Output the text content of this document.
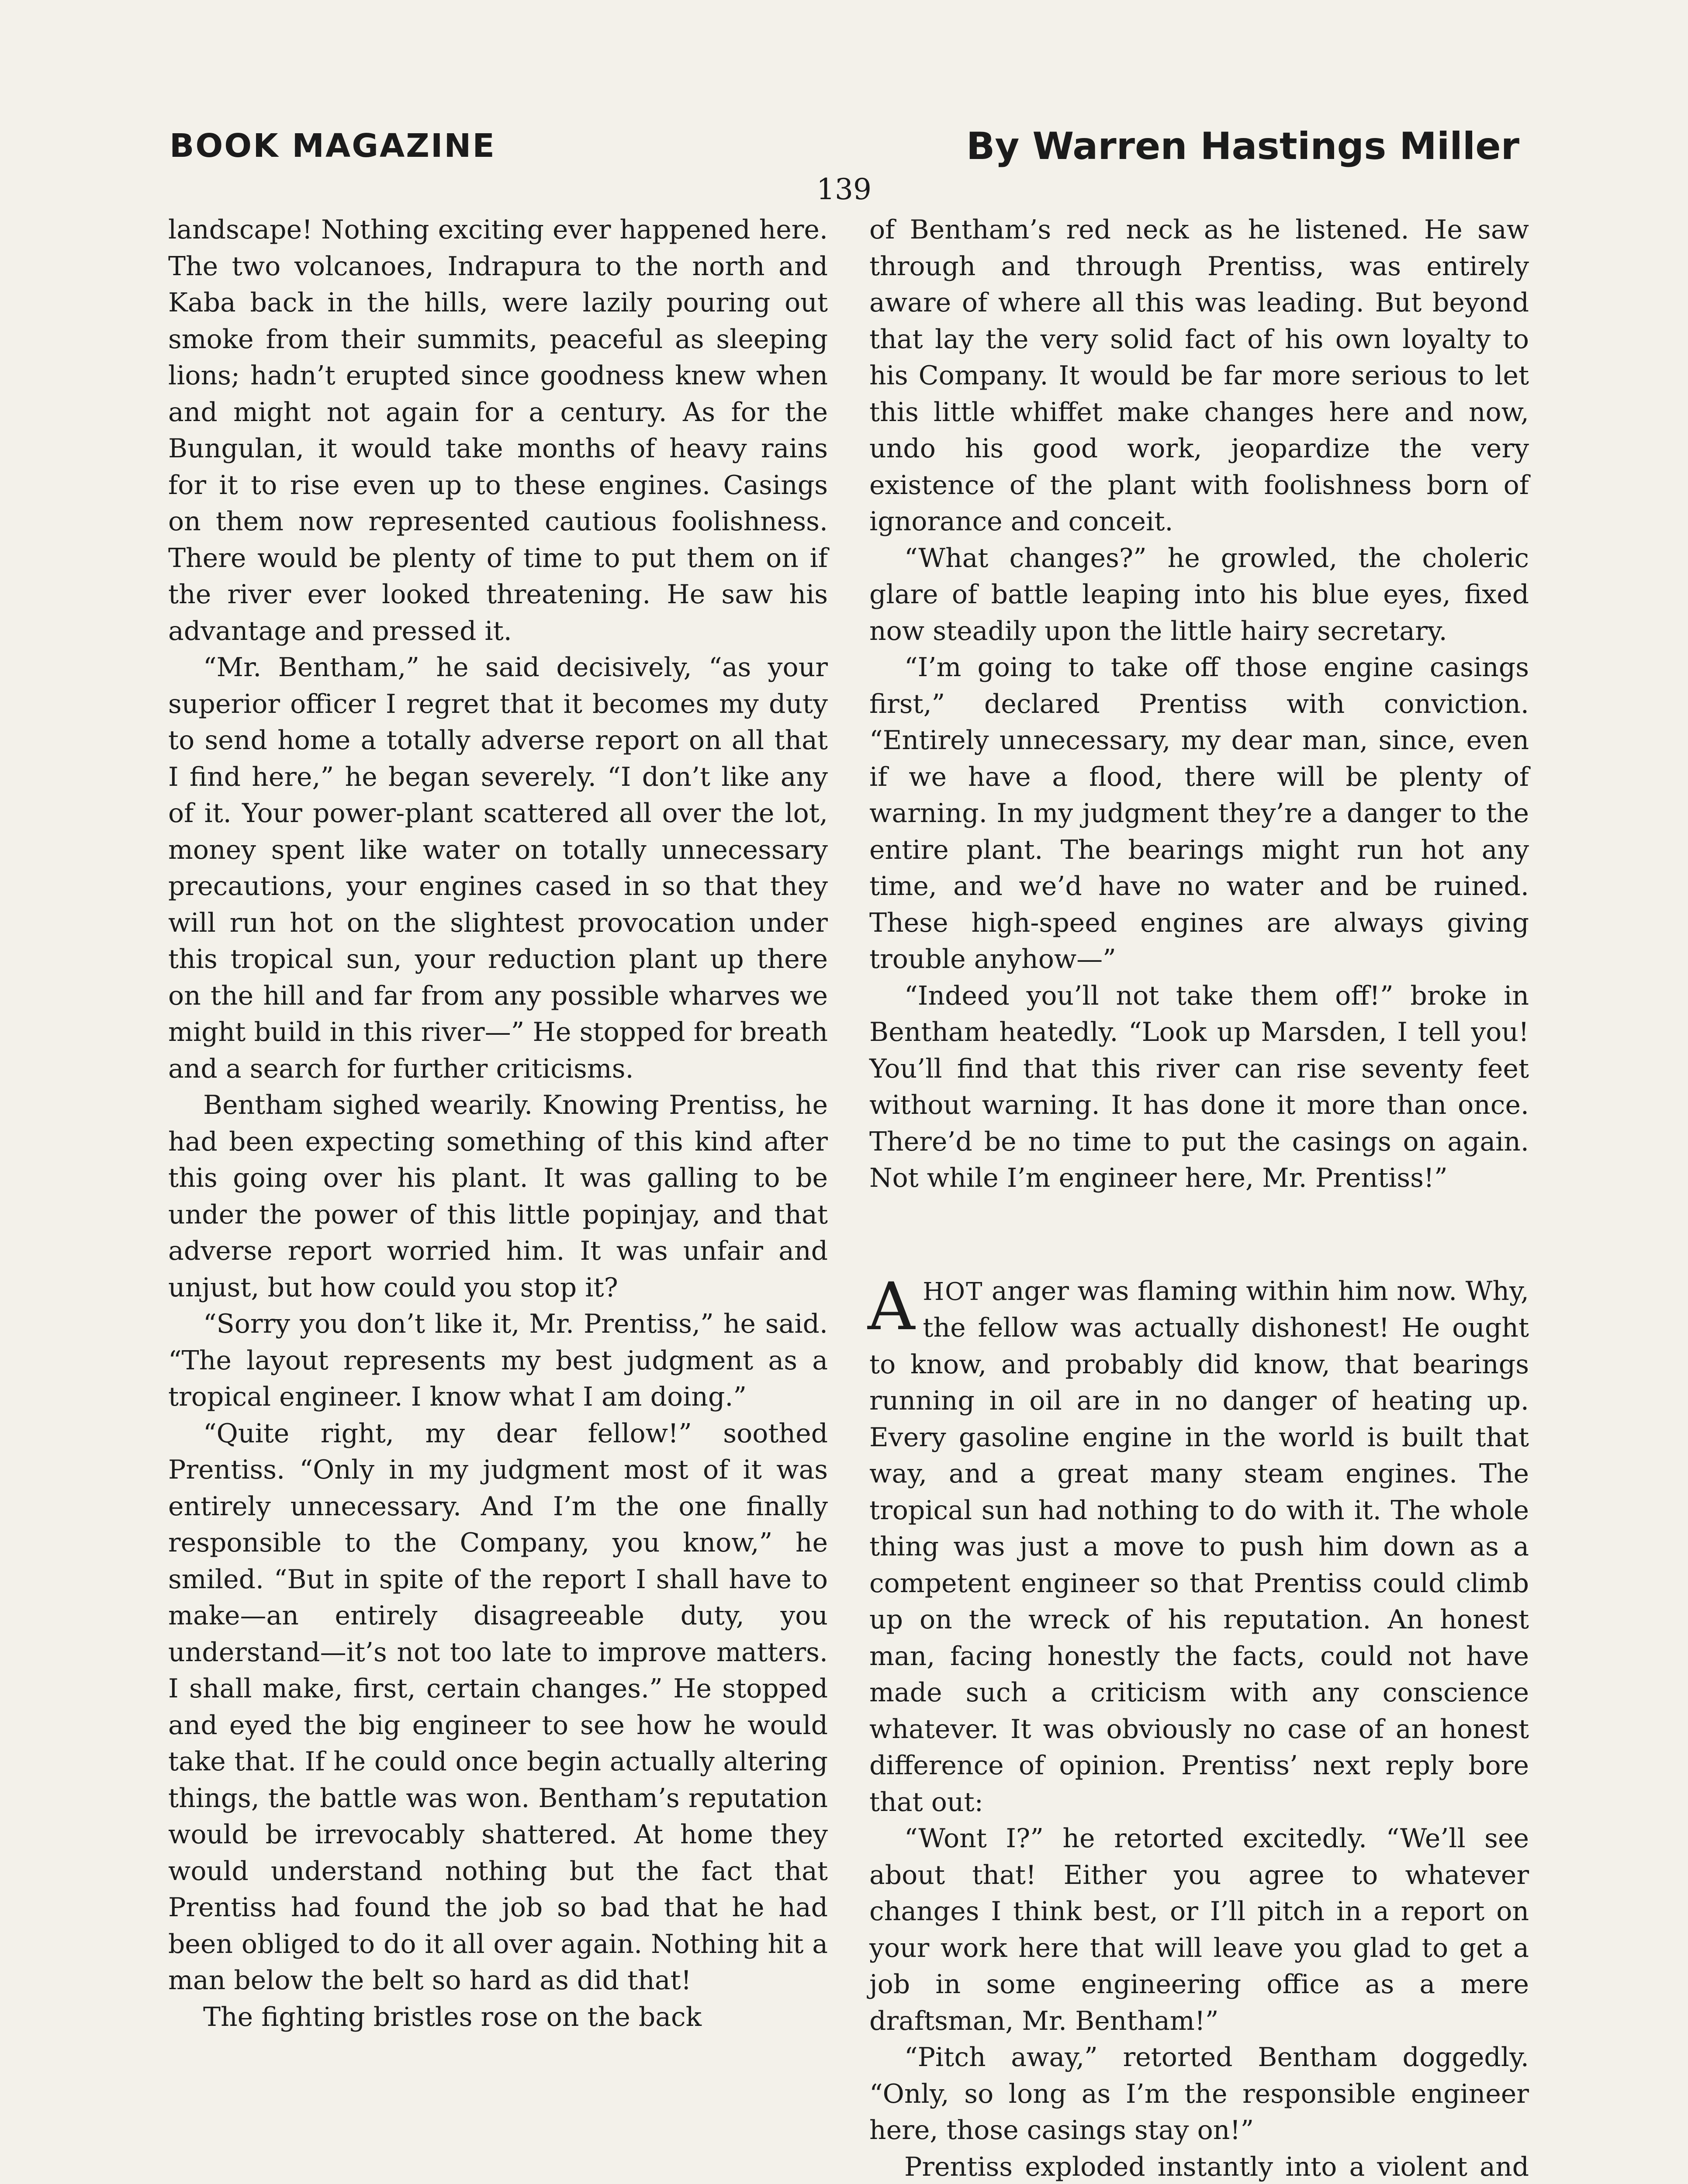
BOOK MAGAZINE	By Warren Hastings Miller
139

landscape! Nothing exciting ever happened here. The two volcanoes, Indrapura to the north and Kaba back in the hills, were lazily pouring out smoke from their summits, peaceful as sleeping lions; hadn’t erupted since goodness knew when and might not again for a century. As for the Bungulan, it would take months of heavy rains for it to rise even up to these engines. Casings on them now represented cautious foolishness. There would be plenty of time to put them on if the river ever looked threatening. He saw his advantage and pressed it.

“Mr. Bentham,” he said decisively, “as your superior officer I regret that it becomes my duty to send home a totally adverse report on all that I find here,” he began severely. “I don’t like any of it. Your power-plant scattered all over the lot, money spent like water on totally unnecessary precautions, your engines cased in so that they will run hot on the slightest provocation under this tropical sun, your reduction plant up there on the hill and far from any possible wharves we might build in this river—” He stopped for breath and a search for further criticisms.

Bentham sighed wearily. Knowing Prentiss, he had been expecting something of this kind after this going over his plant. It was galling to be under the power of this little popinjay, and that adverse report worried him. It was unfair and unjust, but how could you stop it?

“Sorry you don’t like it, Mr. Prentiss,” he said. “The layout represents my best judgment as a tropical engineer. I know what I am doing.”

“Quite right, my dear fellow!” soothed Prentiss. “Only in my judgment most of it was entirely unnecessary. And I’m the one finally responsible to the Company, you know,” he smiled. “But in spite of the report I shall have to make—an entirely disagreeable duty, you understand—it’s not too late to improve matters. I shall make, first, certain changes.” He stopped and eyed the big engineer to see how he would take that. If he could once begin actually altering things, the battle was won. Bentham’s reputation would be irrevocably shattered. At home they would understand nothing but the fact that Prentiss had found the job so bad that he had been obliged to do it all over again. Nothing hit a man below the belt so hard as did that!

The fighting bristles rose on the back

of Bentham’s red neck as he listened. He saw through and through Prentiss, was entirely aware of where all this was leading. But beyond that lay the very solid fact of his own loyalty to his Company. It would be far more serious to let this little whiffet make changes here and now, undo his good work, jeopardize the very existence of the plant with foolishness born of ignorance and conceit.

“What changes?” he growled, the choleric glare of battle leaping into his blue eyes, fixed now steadily upon the little hairy secretary.

“I’m going to take off those engine casings first,” declared Prentiss with conviction. “Entirely unnecessary, my dear man, since, even if we have a flood, there will be plenty of warning. In my judgment they’re a danger to the entire plant. The bearings might run hot any time, and we’d have no water and be ruined. These high-speed engines are always giving trouble anyhow—”

“Indeed you’ll not take them off!” broke in Bentham heatedly. “Look up Marsden, I tell you! You’ll find that this river can rise seventy feet without warning. It has done it more than once. There’d be no time to put the casings on again. Not while I’m engineer here, Mr. Prentiss!”

AHOT anger was flaming within him now. Why, the fellow was actually dishonest! He ought to know, and probably did know, that bearings running in oil are in no danger of heating up. Every gasoline engine in the world is built that way, and a great many steam engines. The tropical sun had nothing to do with it. The whole thing was just a move to push him down as a competent engineer so that Prentiss could climb up on the wreck of his reputation. An honest man, facing honestly the facts, could not have made such a criticism with any conscience whatever. It was obviously no case of an honest difference of opinion. Prentiss’ next reply bore that out:

“Wont I?” he retorted excitedly. “We’ll see about that! Either you agree to whatever changes I think best, or I’ll pitch in a report on your work here that will leave you glad to get a job in some engineering office as a mere draftsman, Mr. Bentham!”

“Pitch away,” retorted Bentham doggedly. “Only, so long as I’m the responsible engineer here, those casings stay on!”

Prentiss exploded instantly into a violent and
